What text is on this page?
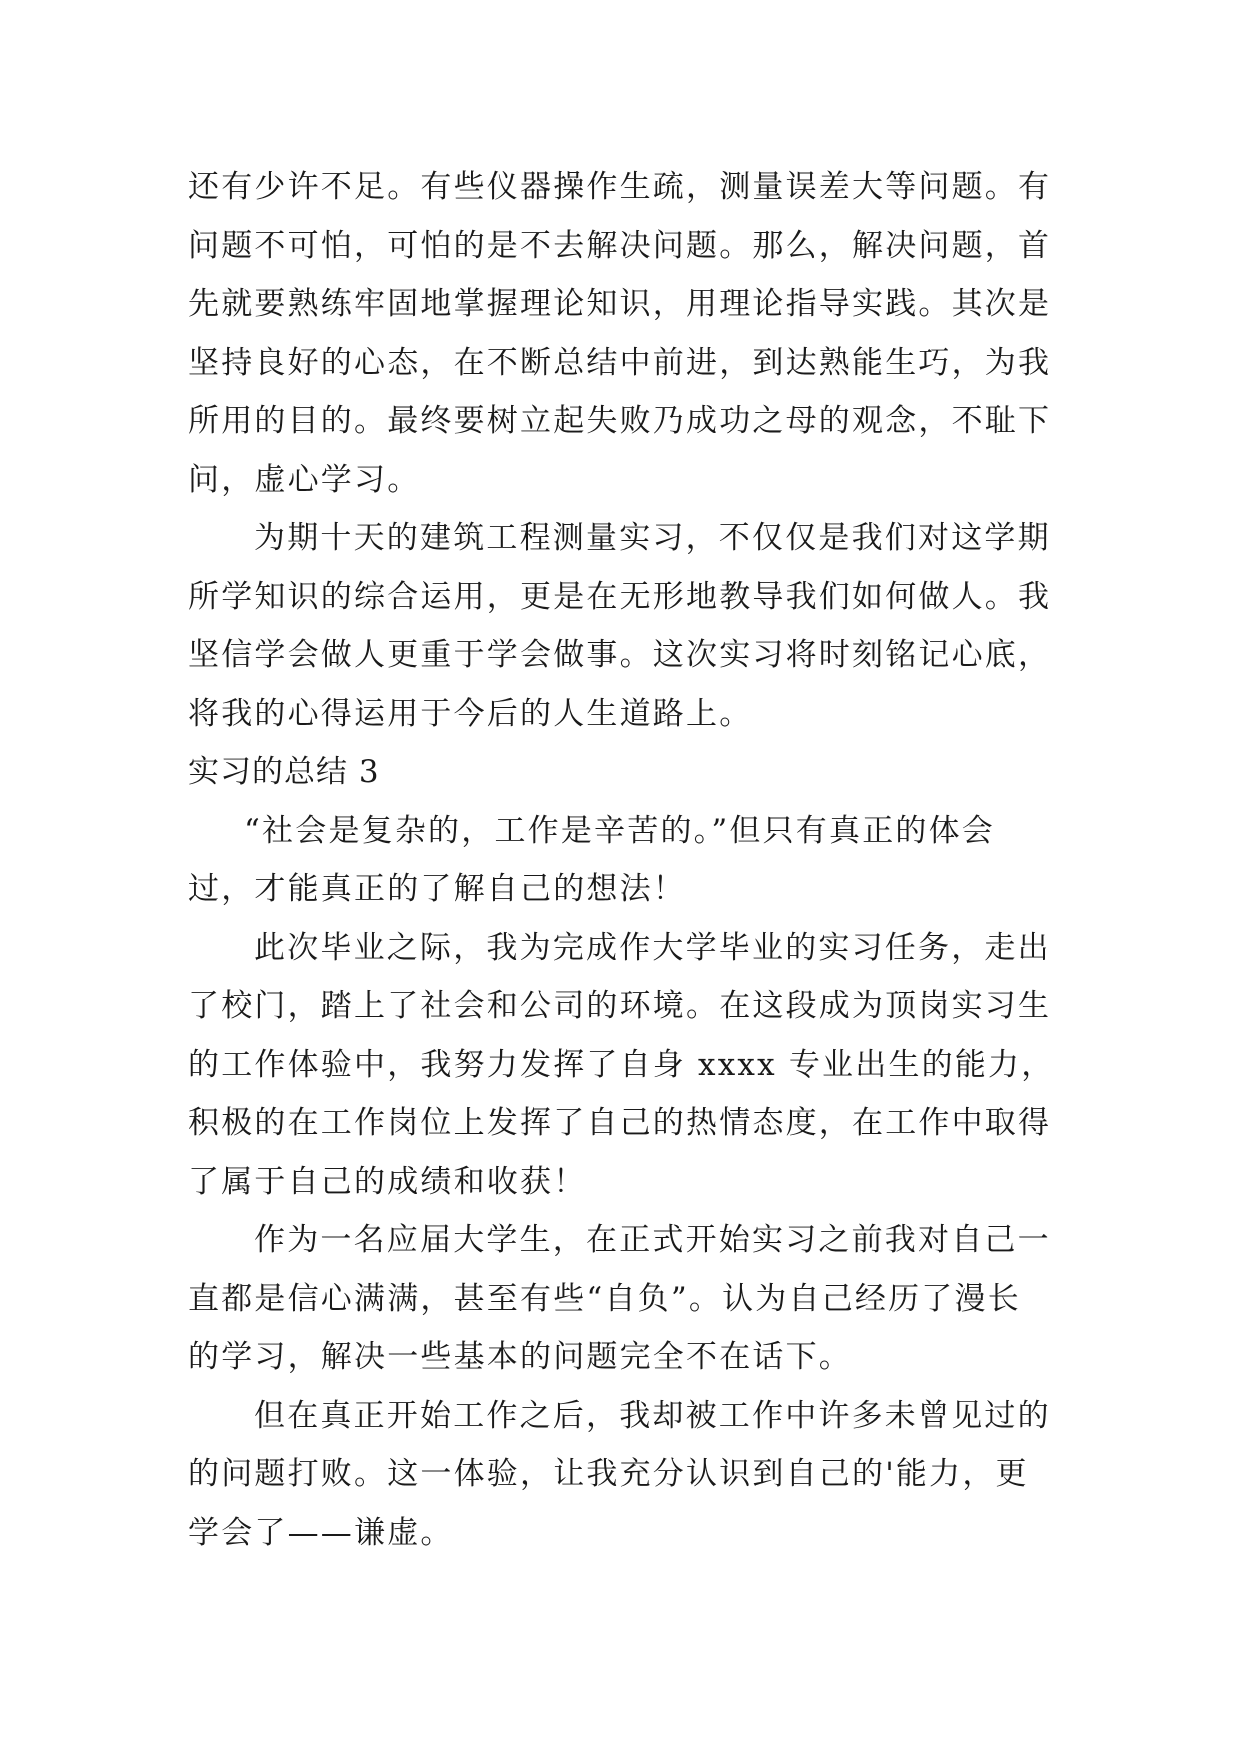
还有少许不足。有些仪器操作生疏，测量误差大等问题。有
问题不可怕，可怕的是不去解决问题。那么，解决问题，首
先就要熟练牢固地掌握理论知识，用理论指导实践。其次是
坚持良好的心态，在不断总结中前进，到达熟能生巧，为我
所用的目的。最终要树立起失败乃成功之母的观念，不耻下
问，虚心学习。
为期十天的建筑工程测量实习，不仅仅是我们对这学期
所学知识的综合运用，更是在无形地教导我们如何做人。我
坚信学会做人更重于学会做事。这次实习将时刻铭记心底，
将我的心得运用于今后的人生道路上。
实习的总结 3
“社会是复杂的，工作是辛苦的。”但只有真正的体会
过，才能真正的了解自己的想法！
此次毕业之际，我为完成作大学毕业的实习任务，走出
了校门，踏上了社会和公司的环境。在这段成为顶岗实习生
的工作体验中，我努力发挥了自身 xxxx 专业出生的能力，
积极的在工作岗位上发挥了自己的热情态度，在工作中取得
了属于自己的成绩和收获！
作为一名应届大学生，在正式开始实习之前我对自己一
直都是信心满满，甚至有些“自负”。认为自己经历了漫长
的学习，解决一些基本的问题完全不在话下。
但在真正开始工作之后，我却被工作中许多未曾见过的
的问题打败。这一体验，让我充分认识到自己的'能力，更
学会了——谦虚。
